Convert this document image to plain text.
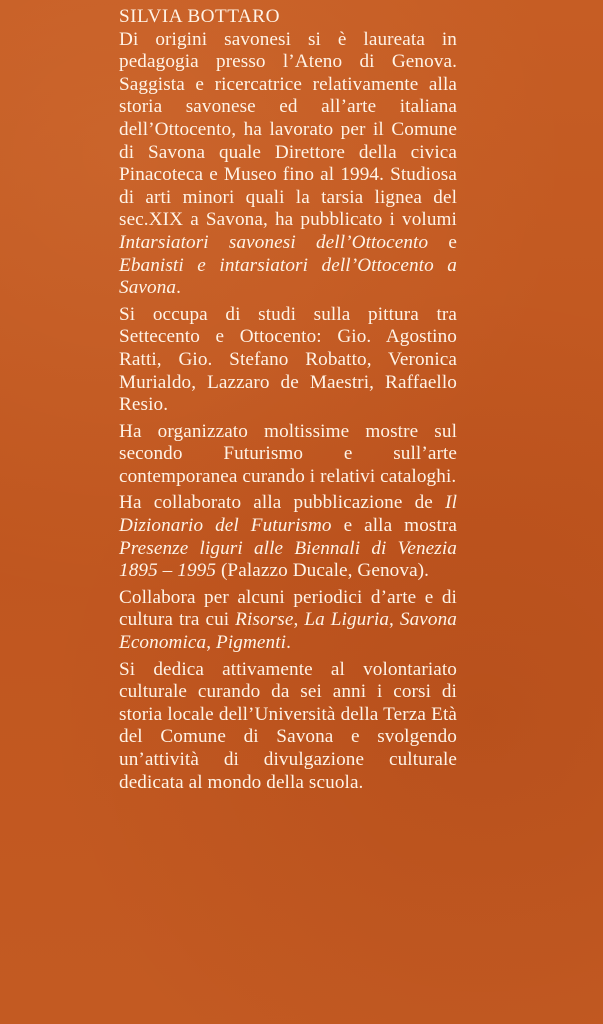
SILVIA BOTTARO

Di origini savonesi si è laureata in pedagogia presso l’Ateno di Genova. Saggista e ricercatrice relativamente alla storia savonese ed all’arte italiana dell’Ottocento, ha lavorato per il Comune di Savona quale Direttore della civica Pinacoteca e Museo fino al 1994. Studiosa di arti minori quali la tarsia lignea del sec.XIX a Savona, ha pubblicato i volumi Intarsiatori savonesi dell’Ottocento e Ebanisti e intarsiatori dell’Ottocento a Savona.

Si occupa di studi sulla pittura tra Settecento e Ottocento: Gio. Agostino Ratti, Gio. Stefano Robatto, Veronica Murialdo, Lazzaro de Maestri, Raffaello Resio.

Ha organizzato moltissime mostre sul secondo Futurismo e sull’arte contemporanea curando i relativi cataloghi.

Ha collaborato alla pubblicazione de Il Dizionario del Futurismo e alla mostra Presenze liguri alle Biennali di Venezia 1895 – 1995 (Palazzo Ducale, Genova).

Collabora per alcuni periodici d’arte e di cultura tra cui Risorse, La Liguria, Savona Economica, Pigmenti.

Si dedica attivamente al volontariato culturale curando da sei anni i corsi di storia locale dell’Università della Terza Età del Comune di Savona e svolgendo un’attività di divulgazione culturale dedicata al mondo della scuola.
